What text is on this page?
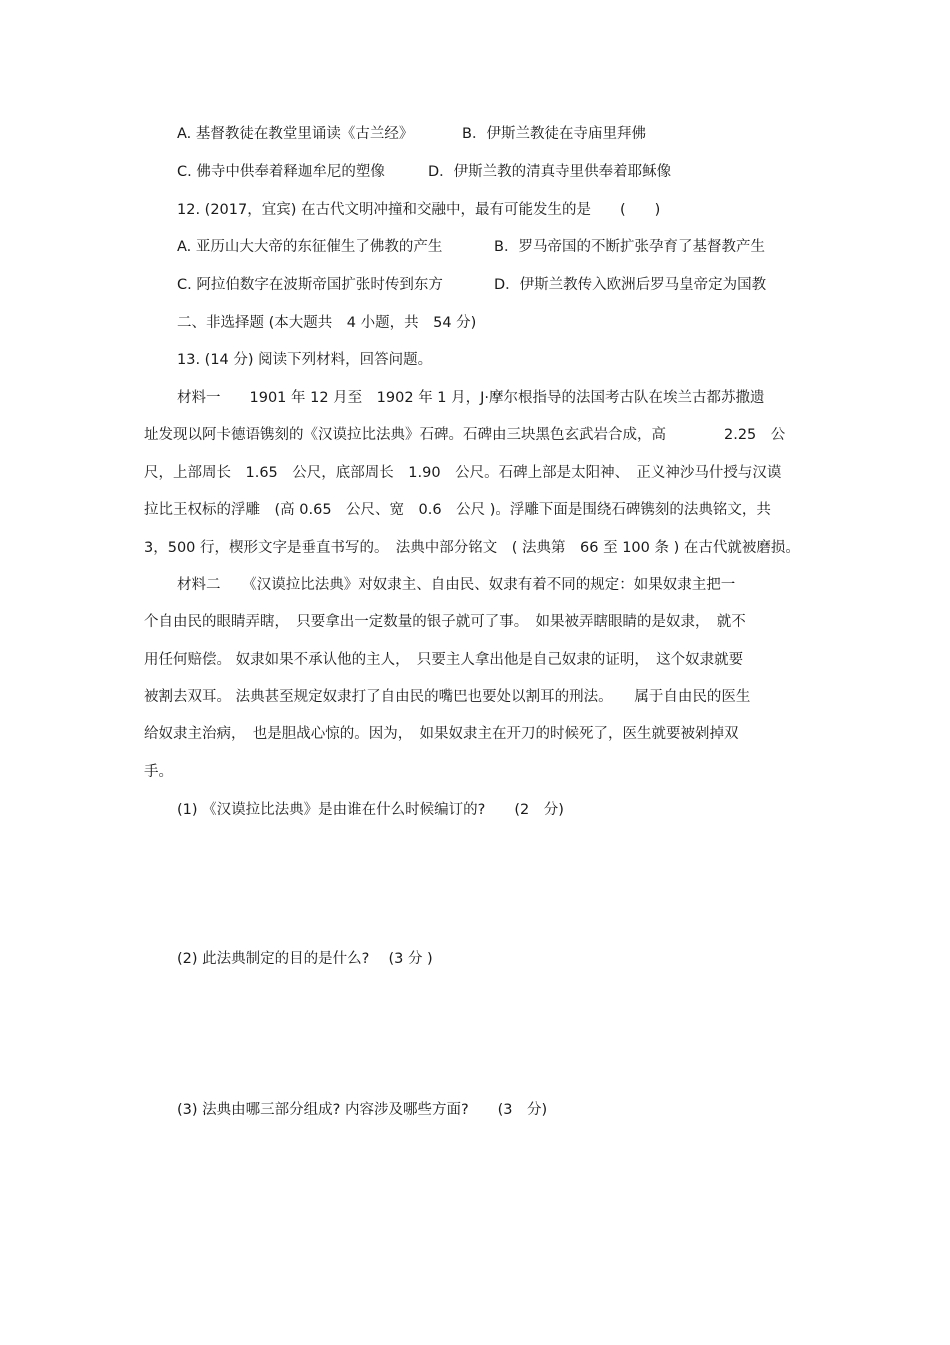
A. 基督教徒在教堂里诵读《古兰经》	B．伊斯兰教徒在寺庙里拜佛
C. 佛寺中供奉着释迦牟尼的塑像	D．伊斯兰教的清真寺里供奉着耶稣像
12. (2017，宜宾) 在古代文明冲撞和交融中，最有可能发生的是　　(　　)
A. 亚历山大大帝的东征催生了佛教的产生	B．罗马帝国的不断扩张孕育了基督教产生
C. 阿拉伯数字在波斯帝国扩张时传到东方	D．伊斯兰教传入欧洲后罗马皇帝定为国教
二、非选择题 (本大题共　4 小题，共　54 分)
13. (14 分) 阅读下列材料，回答问题。
材料一　　1901 年 12 月至　1902 年 1 月，J·摩尔根指导的法国考古队在埃兰古都苏撒遗
址发现以阿卡德语镌刻的《汉谟拉比法典》石碑。石碑由三块黑色玄武岩合成，高　　　　2.25　公
尺，上部周长　1.65　公尺，底部周长　1.90　公尺。石碑上部是太阳神、　正义神沙马什授与汉谟
拉比王权标的浮雕　(高 0.65　公尺、宽　0.6　公尺 )。浮雕下面是围绕石碑镌刻的法典铭文，共
3，500 行，楔形文字是垂直书写的。　法典中部分铭文　( 法典第　66 至 100 条 ) 在古代就被磨损。
材料二　　《汉谟拉比法典》对奴隶主、自由民、奴隶有着不同的规定：如果奴隶主把一
个自由民的眼睛弄瞎，　只要拿出一定数量的银子就可了事。　如果被弄瞎眼睛的是奴隶，　就不
用任何赔偿。 奴隶如果不承认他的主人，　只要主人拿出他是自己奴隶的证明，　这个奴隶就要
被割去双耳。 法典甚至规定奴隶打了自由民的嘴巴也要处以割耳的刑法。　　属于自由民的医生
给奴隶主治病，　也是胆战心惊的。因为，　如果奴隶主在开刀的时候死了，医生就要被剁掉双
手。
(1) 《汉谟拉比法典》是由谁在什么时候编订的?　　(2　分)
(2) 此法典制定的目的是什么?　 (3 分 )
(3) 法典由哪三部分组成? 内容涉及哪些方面?　　(3　分)
